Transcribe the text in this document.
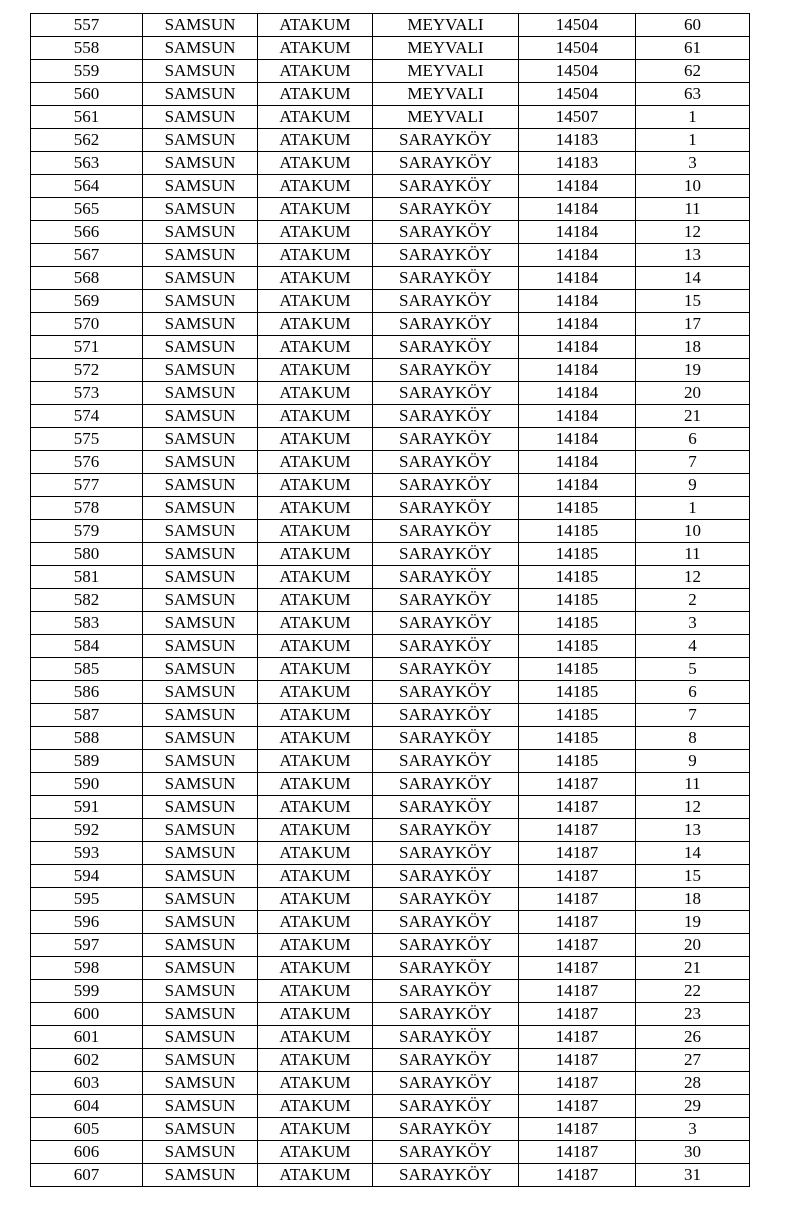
557	SAMSUN	ATAKUM	MEYVALI	14504	60
558	SAMSUN	ATAKUM	MEYVALI	14504	61
559	SAMSUN	ATAKUM	MEYVALI	14504	62
560	SAMSUN	ATAKUM	MEYVALI	14504	63
561	SAMSUN	ATAKUM	MEYVALI	14507	1
562	SAMSUN	ATAKUM	SARAYKÖY	14183	1
563	SAMSUN	ATAKUM	SARAYKÖY	14183	3
564	SAMSUN	ATAKUM	SARAYKÖY	14184	10
565	SAMSUN	ATAKUM	SARAYKÖY	14184	11
566	SAMSUN	ATAKUM	SARAYKÖY	14184	12
567	SAMSUN	ATAKUM	SARAYKÖY	14184	13
568	SAMSUN	ATAKUM	SARAYKÖY	14184	14
569	SAMSUN	ATAKUM	SARAYKÖY	14184	15
570	SAMSUN	ATAKUM	SARAYKÖY	14184	17
571	SAMSUN	ATAKUM	SARAYKÖY	14184	18
572	SAMSUN	ATAKUM	SARAYKÖY	14184	19
573	SAMSUN	ATAKUM	SARAYKÖY	14184	20
574	SAMSUN	ATAKUM	SARAYKÖY	14184	21
575	SAMSUN	ATAKUM	SARAYKÖY	14184	6
576	SAMSUN	ATAKUM	SARAYKÖY	14184	7
577	SAMSUN	ATAKUM	SARAYKÖY	14184	9
578	SAMSUN	ATAKUM	SARAYKÖY	14185	1
579	SAMSUN	ATAKUM	SARAYKÖY	14185	10
580	SAMSUN	ATAKUM	SARAYKÖY	14185	11
581	SAMSUN	ATAKUM	SARAYKÖY	14185	12
582	SAMSUN	ATAKUM	SARAYKÖY	14185	2
583	SAMSUN	ATAKUM	SARAYKÖY	14185	3
584	SAMSUN	ATAKUM	SARAYKÖY	14185	4
585	SAMSUN	ATAKUM	SARAYKÖY	14185	5
586	SAMSUN	ATAKUM	SARAYKÖY	14185	6
587	SAMSUN	ATAKUM	SARAYKÖY	14185	7
588	SAMSUN	ATAKUM	SARAYKÖY	14185	8
589	SAMSUN	ATAKUM	SARAYKÖY	14185	9
590	SAMSUN	ATAKUM	SARAYKÖY	14187	11
591	SAMSUN	ATAKUM	SARAYKÖY	14187	12
592	SAMSUN	ATAKUM	SARAYKÖY	14187	13
593	SAMSUN	ATAKUM	SARAYKÖY	14187	14
594	SAMSUN	ATAKUM	SARAYKÖY	14187	15
595	SAMSUN	ATAKUM	SARAYKÖY	14187	18
596	SAMSUN	ATAKUM	SARAYKÖY	14187	19
597	SAMSUN	ATAKUM	SARAYKÖY	14187	20
598	SAMSUN	ATAKUM	SARAYKÖY	14187	21
599	SAMSUN	ATAKUM	SARAYKÖY	14187	22
600	SAMSUN	ATAKUM	SARAYKÖY	14187	23
601	SAMSUN	ATAKUM	SARAYKÖY	14187	26
602	SAMSUN	ATAKUM	SARAYKÖY	14187	27
603	SAMSUN	ATAKUM	SARAYKÖY	14187	28
604	SAMSUN	ATAKUM	SARAYKÖY	14187	29
605	SAMSUN	ATAKUM	SARAYKÖY	14187	3
606	SAMSUN	ATAKUM	SARAYKÖY	14187	30
607	SAMSUN	ATAKUM	SARAYKÖY	14187	31
